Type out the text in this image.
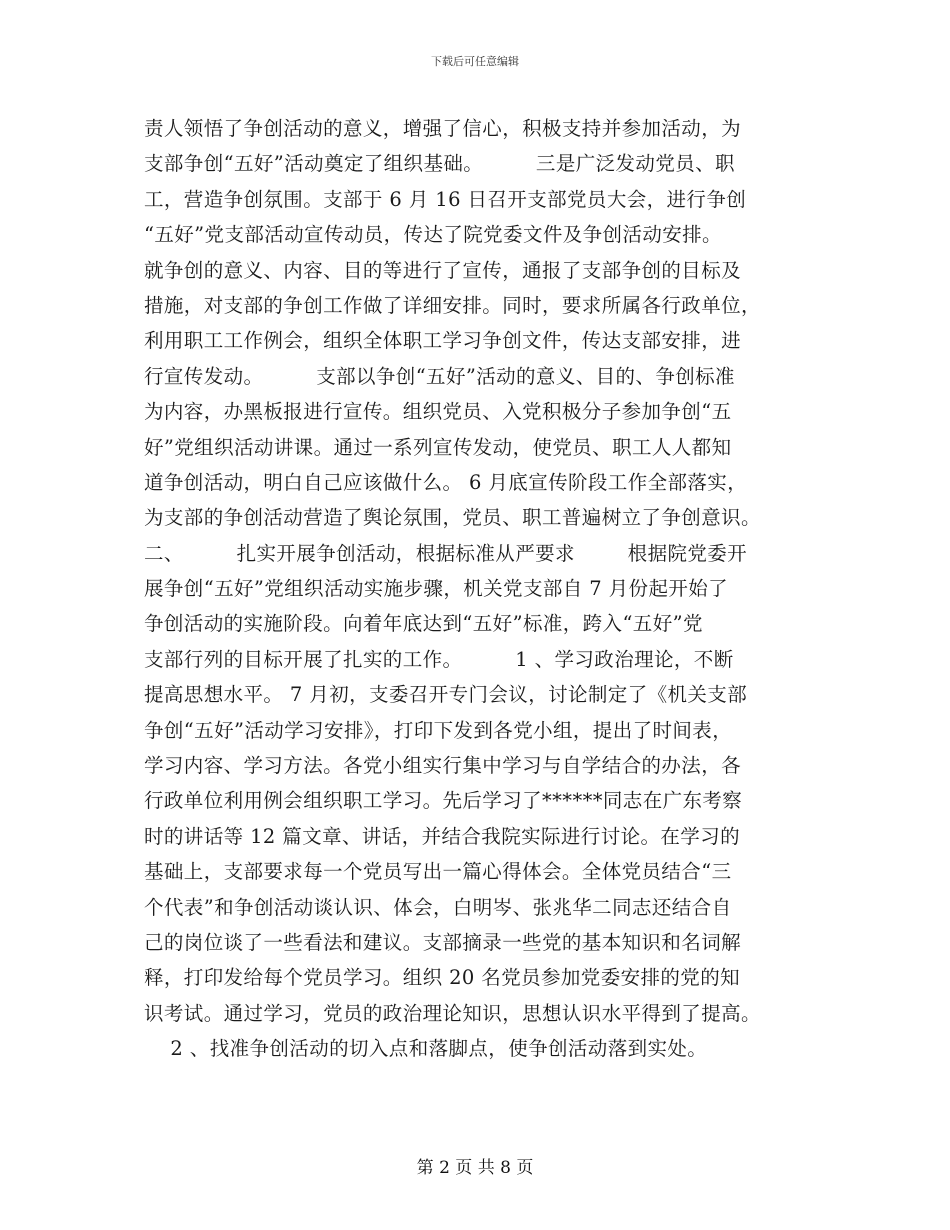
下载后可任意编辑
责人领悟了争创活动的意义，增强了信心，积极支持并参加活动，为
支部争创“五好”活动奠定了组织基础。        三是广泛发动党员、职
工，营造争创氛围。支部于 6 月 16 日召开支部党员大会，进行争创
“五好”党支部活动宣传动员，传达了院党委文件及争创活动安排。
就争创的意义、内容、目的等进行了宣传，通报了支部争创的目标及
措施，对支部的争创工作做了详细安排。同时，要求所属各行政单位，
利用职工工作例会，组织全体职工学习争创文件，传达支部安排，进
行宣传发动。        支部以争创“五好”活动的意义、目的、争创标准
为内容，办黑板报进行宣传。组织党员、入党积极分子参加争创“五
好”党组织活动讲课。通过一系列宣传发动，使党员、职工人人都知
道争创活动，明白自己应该做什么。 6 月底宣传阶段工作全部落实，
为支部的争创活动营造了舆论氛围，党员、职工普遍树立了争创意识。
二、        扎实开展争创活动，根据标准从严要求        根据院党委开
展争创“五好”党组织活动实施步骤，机关党支部自 7 月份起开始了
争创活动的实施阶段。向着年底达到“五好”标准，跨入“五好”党
支部行列的目标开展了扎实的工作。        1 、学习政治理论，不断
提高思想水平。 7 月初，支委召开专门会议，讨论制定了《机关支部
争创“五好”活动学习安排》，打印下发到各党小组，提出了时间表，
学习内容、学习方法。各党小组实行集中学习与自学结合的办法，各
行政单位利用例会组织职工学习。先后学习了******同志在广东考察
时的讲话等 12 篇文章、讲话，并结合我院实际进行讨论。在学习的
基础上，支部要求每一个党员写出一篇心得体会。全体党员结合“三
个代表”和争创活动谈认识、体会，白明岑、张兆华二同志还结合自
己的岗位谈了一些看法和建议。支部摘录一些党的基本知识和名词解
释，打印发给每个党员学习。组织 20 名党员参加党委安排的党的知
识考试。通过学习，党员的政治理论知识，思想认识水平得到了提高。
2 、找准争创活动的切入点和落脚点，使争创活动落到实处。
第 2 页 共 8 页
